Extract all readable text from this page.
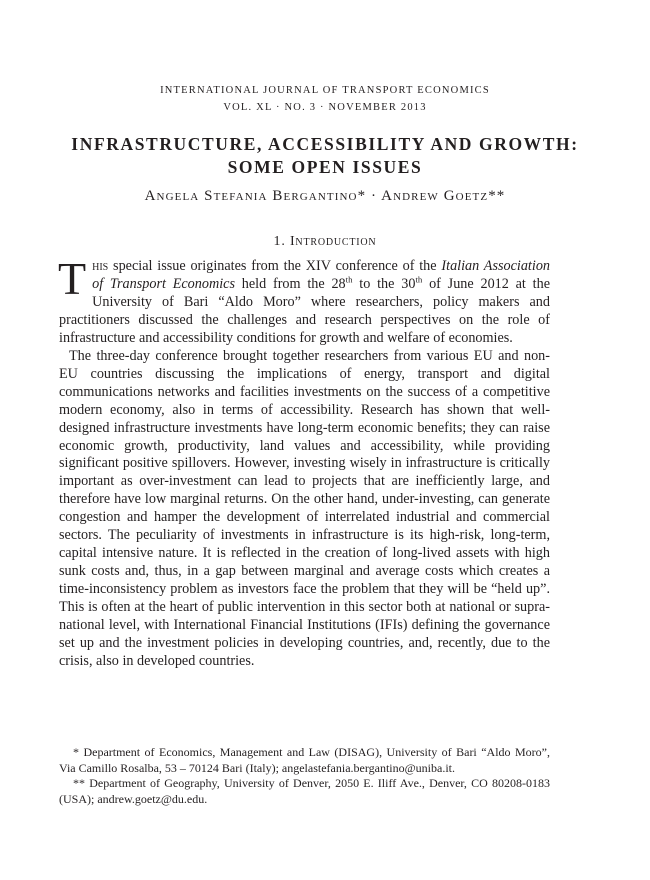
INTERNATIONAL JOURNAL OF TRANSPORT ECONOMICS
VOL. XL · NO. 3 · NOVEMBER 2013
INFRASTRUCTURE, ACCESSIBILITY AND GROWTH:
SOME OPEN ISSUES
Angela Stefania Bergantino* · Andrew Goetz**
1. Introduction

This special issue originates from the XIV conference of the Italian Association of Transport Economics held from the 28th to the 30th of June 2012 at the University of Bari “Aldo Moro” where researchers, policy makers and practitioners discussed the challenges and research perspectives on the role of infrastructure and accessibility conditions for growth and welfare of economies.

The three-day conference brought together researchers from various EU and non-EU countries discussing the implications of energy, transport and digital communications networks and facilities investments on the success of a competitive modern economy, also in terms of accessibility. Research has shown that well-designed infrastructure investments have long-term economic benefits; they can raise economic growth, productivity, land values and accessibility, while providing significant positive spillovers. However, investing wisely in infrastructure is critically important as over-investment can lead to projects that are inefficiently large, and therefore have low marginal returns. On the other hand, under-investing, can generate congestion and hamper the development of interrelated industrial and commercial sectors. The peculiarity of investments in infrastructure is its high-risk, long-term, capital intensive nature. It is reflected in the creation of long-lived assets with high sunk costs and, thus, in a gap between marginal and average costs which creates a time-inconsistency problem as investors face the problem that they will be “held up”. This is often at the heart of public intervention in this sector both at national or supra-national level, with International Financial Institutions (IFIs) defining the governance set up and the investment policies in developing countries, and, recently, due to the crisis, also in developed countries.

* Department of Economics, Management and Law (DISAG), University of Bari “Aldo Moro”, Via Camillo Rosalba, 53 – 70124 Bari (Italy); angelastefania.bergantino@uniba.it.

** Department of Geography, University of Denver, 2050 E. Iliff Ave., Denver, CO 80208-0183 (USA); andrew.goetz@du.edu.
